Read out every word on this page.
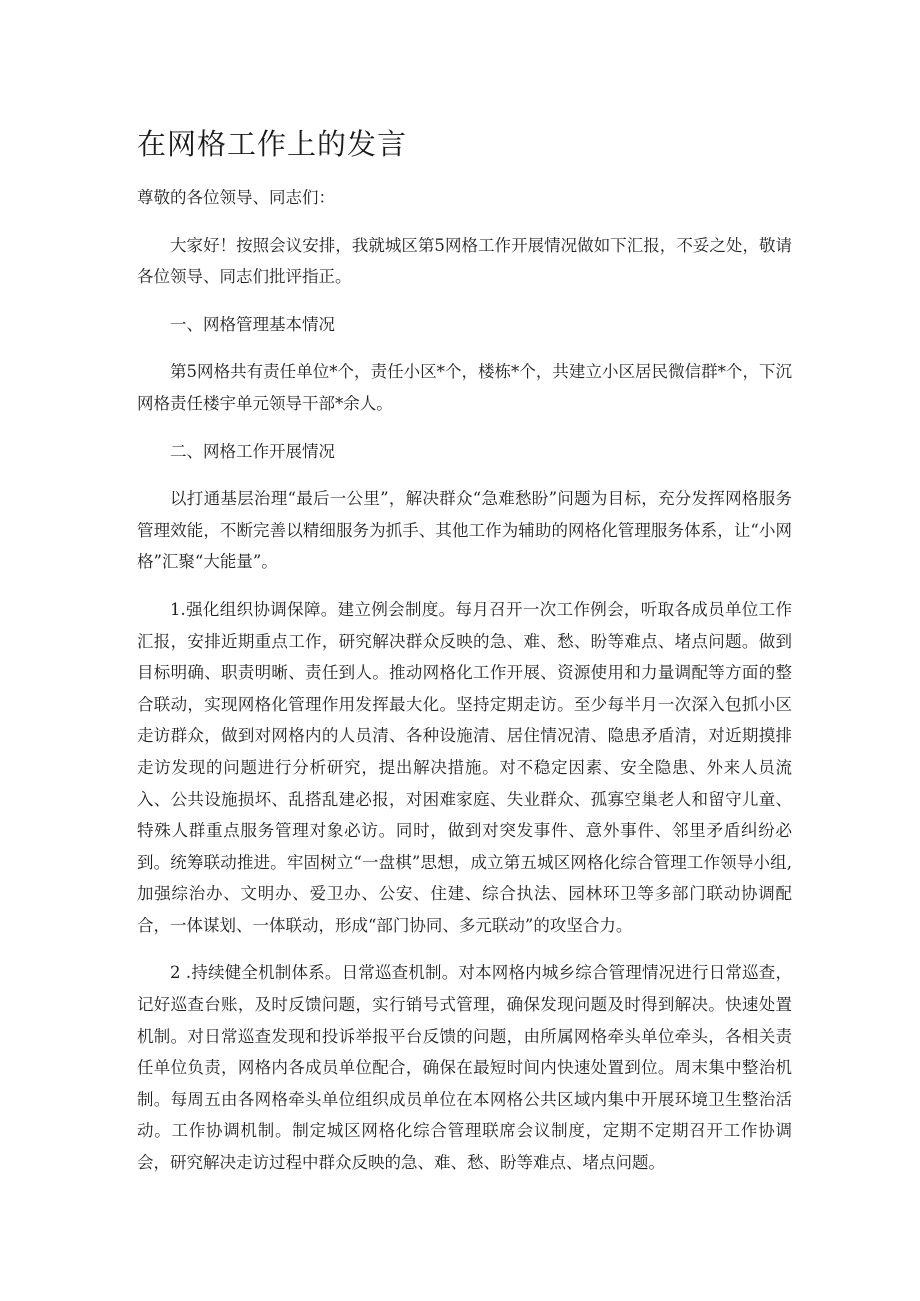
在网格工作上的发言

尊敬的各位领导、同志们：

大家好！按照会议安排，我就城区第5网格工作开展情况做如下汇报，不妥之处，敬请各位领导、同志们批评指正。

一、网格管理基本情况

第5网格共有责任单位*个，责任小区*个，楼栋*个，共建立小区居民微信群*个，下沉网格责任楼宇单元领导干部*余人。

二、网格工作开展情况

以打通基层治理“最后一公里”，解决群众“急难愁盼”问题为目标，充分发挥网格服务管理效能，不断完善以精细服务为抓手、其他工作为辅助的网格化管理服务体系，让“小网格”汇聚“大能量”。

1.强化组织协调保障。建立例会制度。每月召开一次工作例会，听取各成员单位工作汇报，安排近期重点工作，研究解决群众反映的急、难、愁、盼等难点、堵点问题。做到目标明确、职责明晰、责任到人。推动网格化工作开展、资源使用和力量调配等方面的整合联动，实现网格化管理作用发挥最大化。坚持定期走访。至少每半月一次深入包抓小区走访群众，做到对网格内的人员清、各种设施清、居住情况清、隐患矛盾清，对近期摸排走访发现的问题进行分析研究，提出解决措施。对不稳定因素、安全隐患、外来人员流入、公共设施损坏、乱搭乱建必报，对困难家庭、失业群众、孤寡空巢老人和留守儿童、特殊人群重点服务管理对象必访。同时，做到对突发事件、意外事件、邻里矛盾纠纷必到。统筹联动推进。牢固树立“一盘棋”思想，成立第五城区网格化综合管理工作领导小组,加强综治办、文明办、爱卫办、公安、住建、综合执法、园林环卫等多部门联动协调配合，一体谋划、一体联动，形成“部门协同、多元联动”的攻坚合力。

2 .持续健全机制体系。日常巡查机制。对本网格内城乡综合管理情况进行日常巡查，记好巡查台账，及时反馈问题，实行销号式管理，确保发现问题及时得到解决。快速处置机制。对日常巡查发现和投诉举报平台反馈的问题，由所属网格牵头单位牵头，各相关责任单位负责，网格内各成员单位配合，确保在最短时间内快速处置到位。周末集中整治机制。每周五由各网格牵头单位组织成员单位在本网格公共区域内集中开展环境卫生整治活动。工作协调机制。制定城区网格化综合管理联席会议制度，定期不定期召开工作协调会，研究解决走访过程中群众反映的急、难、愁、盼等难点、堵点问题。
